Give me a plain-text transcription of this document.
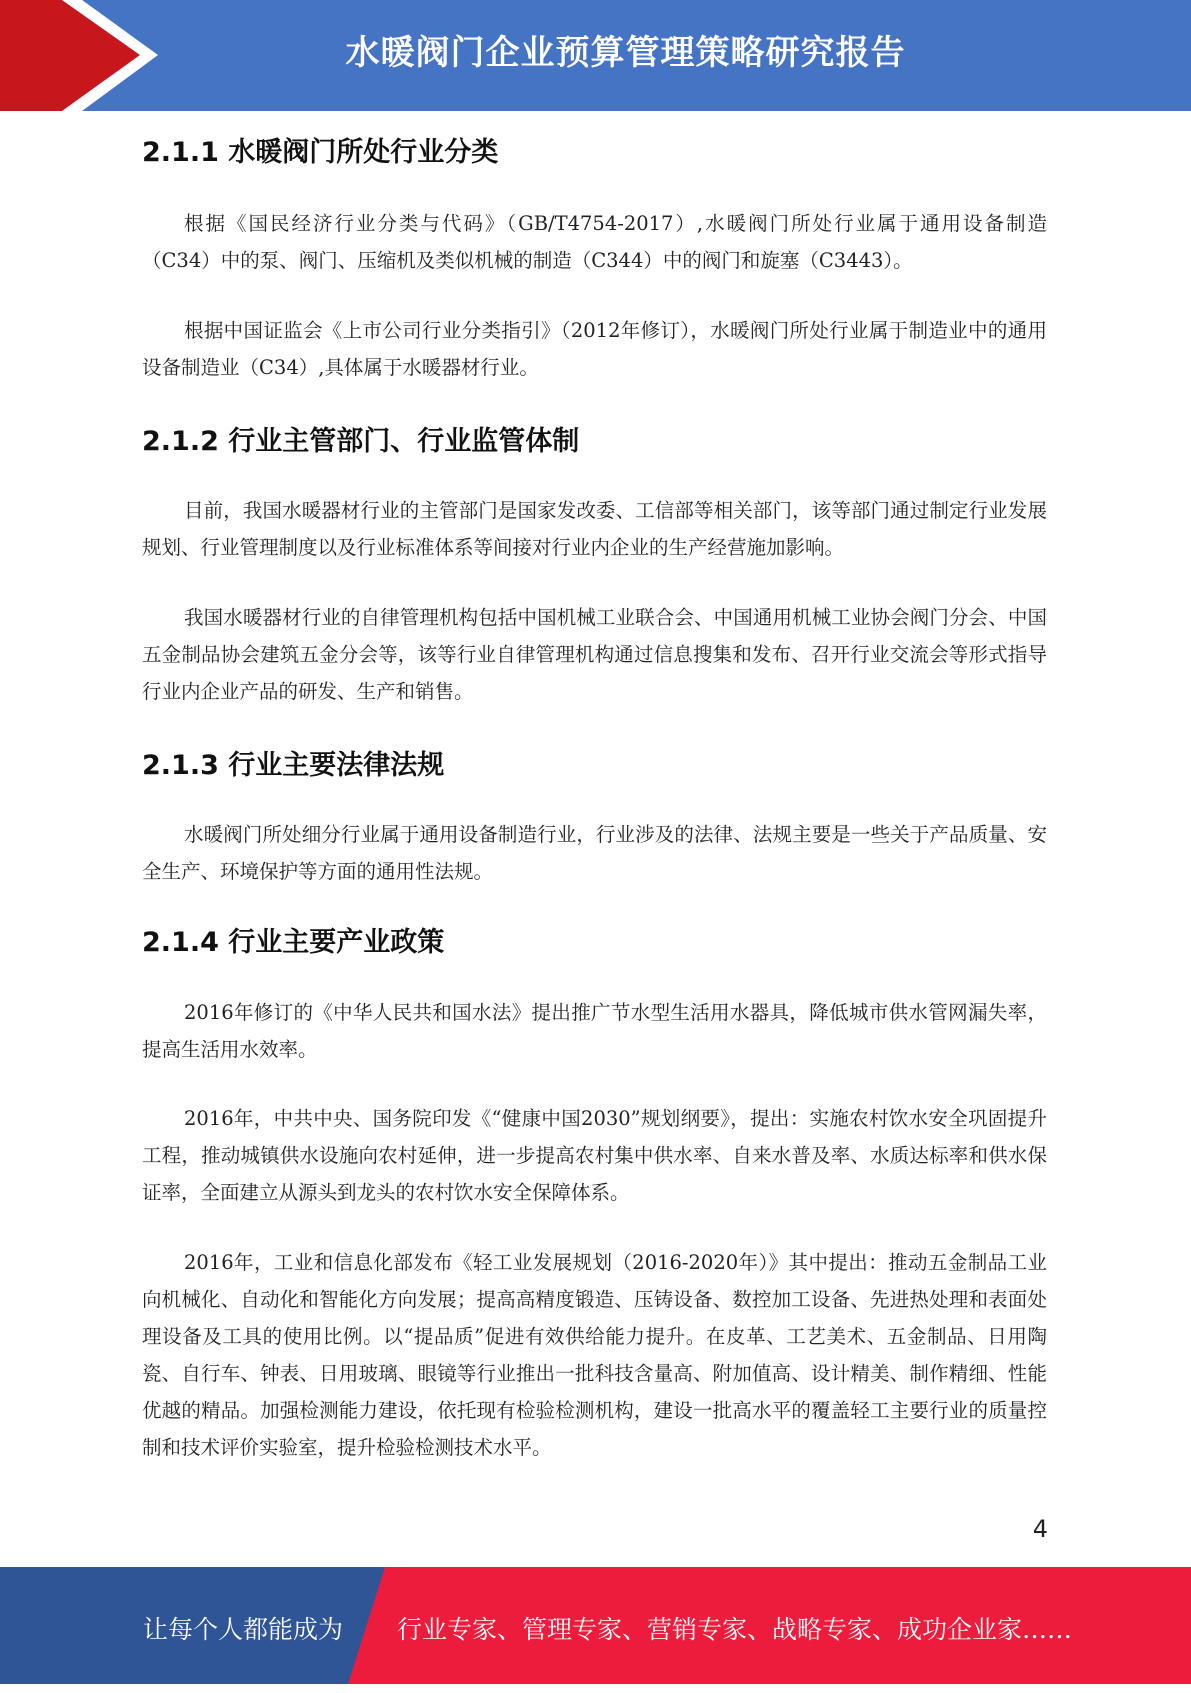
水暖阀门企业预算管理策略研究报告
2.1.1 水暖阀门所处行业分类

根据《国民经济行业分类与代码》（GB/T4754-2017）,水暖阀门所处行业属于通用设备制造（C34）中的泵、阀门、压缩机及类似机械的制造（C344）中的阀门和旋塞（C3443）。

根据中国证监会《上市公司行业分类指引》（2012年修订），水暖阀门所处行业属于制造业中的通用设备制造业（C34）,具体属于水暖器材行业。

2.1.2 行业主管部门、行业监管体制

目前，我国水暖器材行业的主管部门是国家发改委、工信部等相关部门，该等部门通过制定行业发展规划、行业管理制度以及行业标准体系等间接对行业内企业的生产经营施加影响。

我国水暖器材行业的自律管理机构包括中国机械工业联合会、中国通用机械工业协会阀门分会、中国五金制品协会建筑五金分会等，该等行业自律管理机构通过信息搜集和发布、召开行业交流会等形式指导行业内企业产品的研发、生产和销售。

2.1.3 行业主要法律法规

水暖阀门所处细分行业属于通用设备制造行业，行业涉及的法律、法规主要是一些关于产品质量、安全生产、环境保护等方面的通用性法规。

2.1.4 行业主要产业政策

2016年修订的《中华人民共和国水法》提出推广节水型生活用水器具，降低城市供水管网漏失率，提高生活用水效率。

2016年，中共中央、国务院印发《“健康中国2030”规划纲要》，提出：实施农村饮水安全巩固提升工程，推动城镇供水设施向农村延伸，进一步提高农村集中供水率、自来水普及率、水质达标率和供水保证率，全面建立从源头到龙头的农村饮水安全保障体系。

2016年，工业和信息化部发布《轻工业发展规划（2016-2020年）》其中提出：推动五金制品工业向机械化、自动化和智能化方向发展；提高高精度锻造、压铸设备、数控加工设备、先进热处理和表面处理设备及工具的使用比例。以“提品质”促进有效供给能力提升。在皮革、工艺美术、五金制品、日用陶瓷、自行车、钟表、日用玻璃、眼镜等行业推出一批科技含量高、附加值高、设计精美、制作精细、性能优越的精品。加强检测能力建设，依托现有检验检测机构，建设一批高水平的覆盖轻工主要行业的质量控制和技术评价实验室，提升检验检测技术水平。

4
让每个人都能成为 行业专家、管理专家、营销专家、战略专家、成功企业家……
